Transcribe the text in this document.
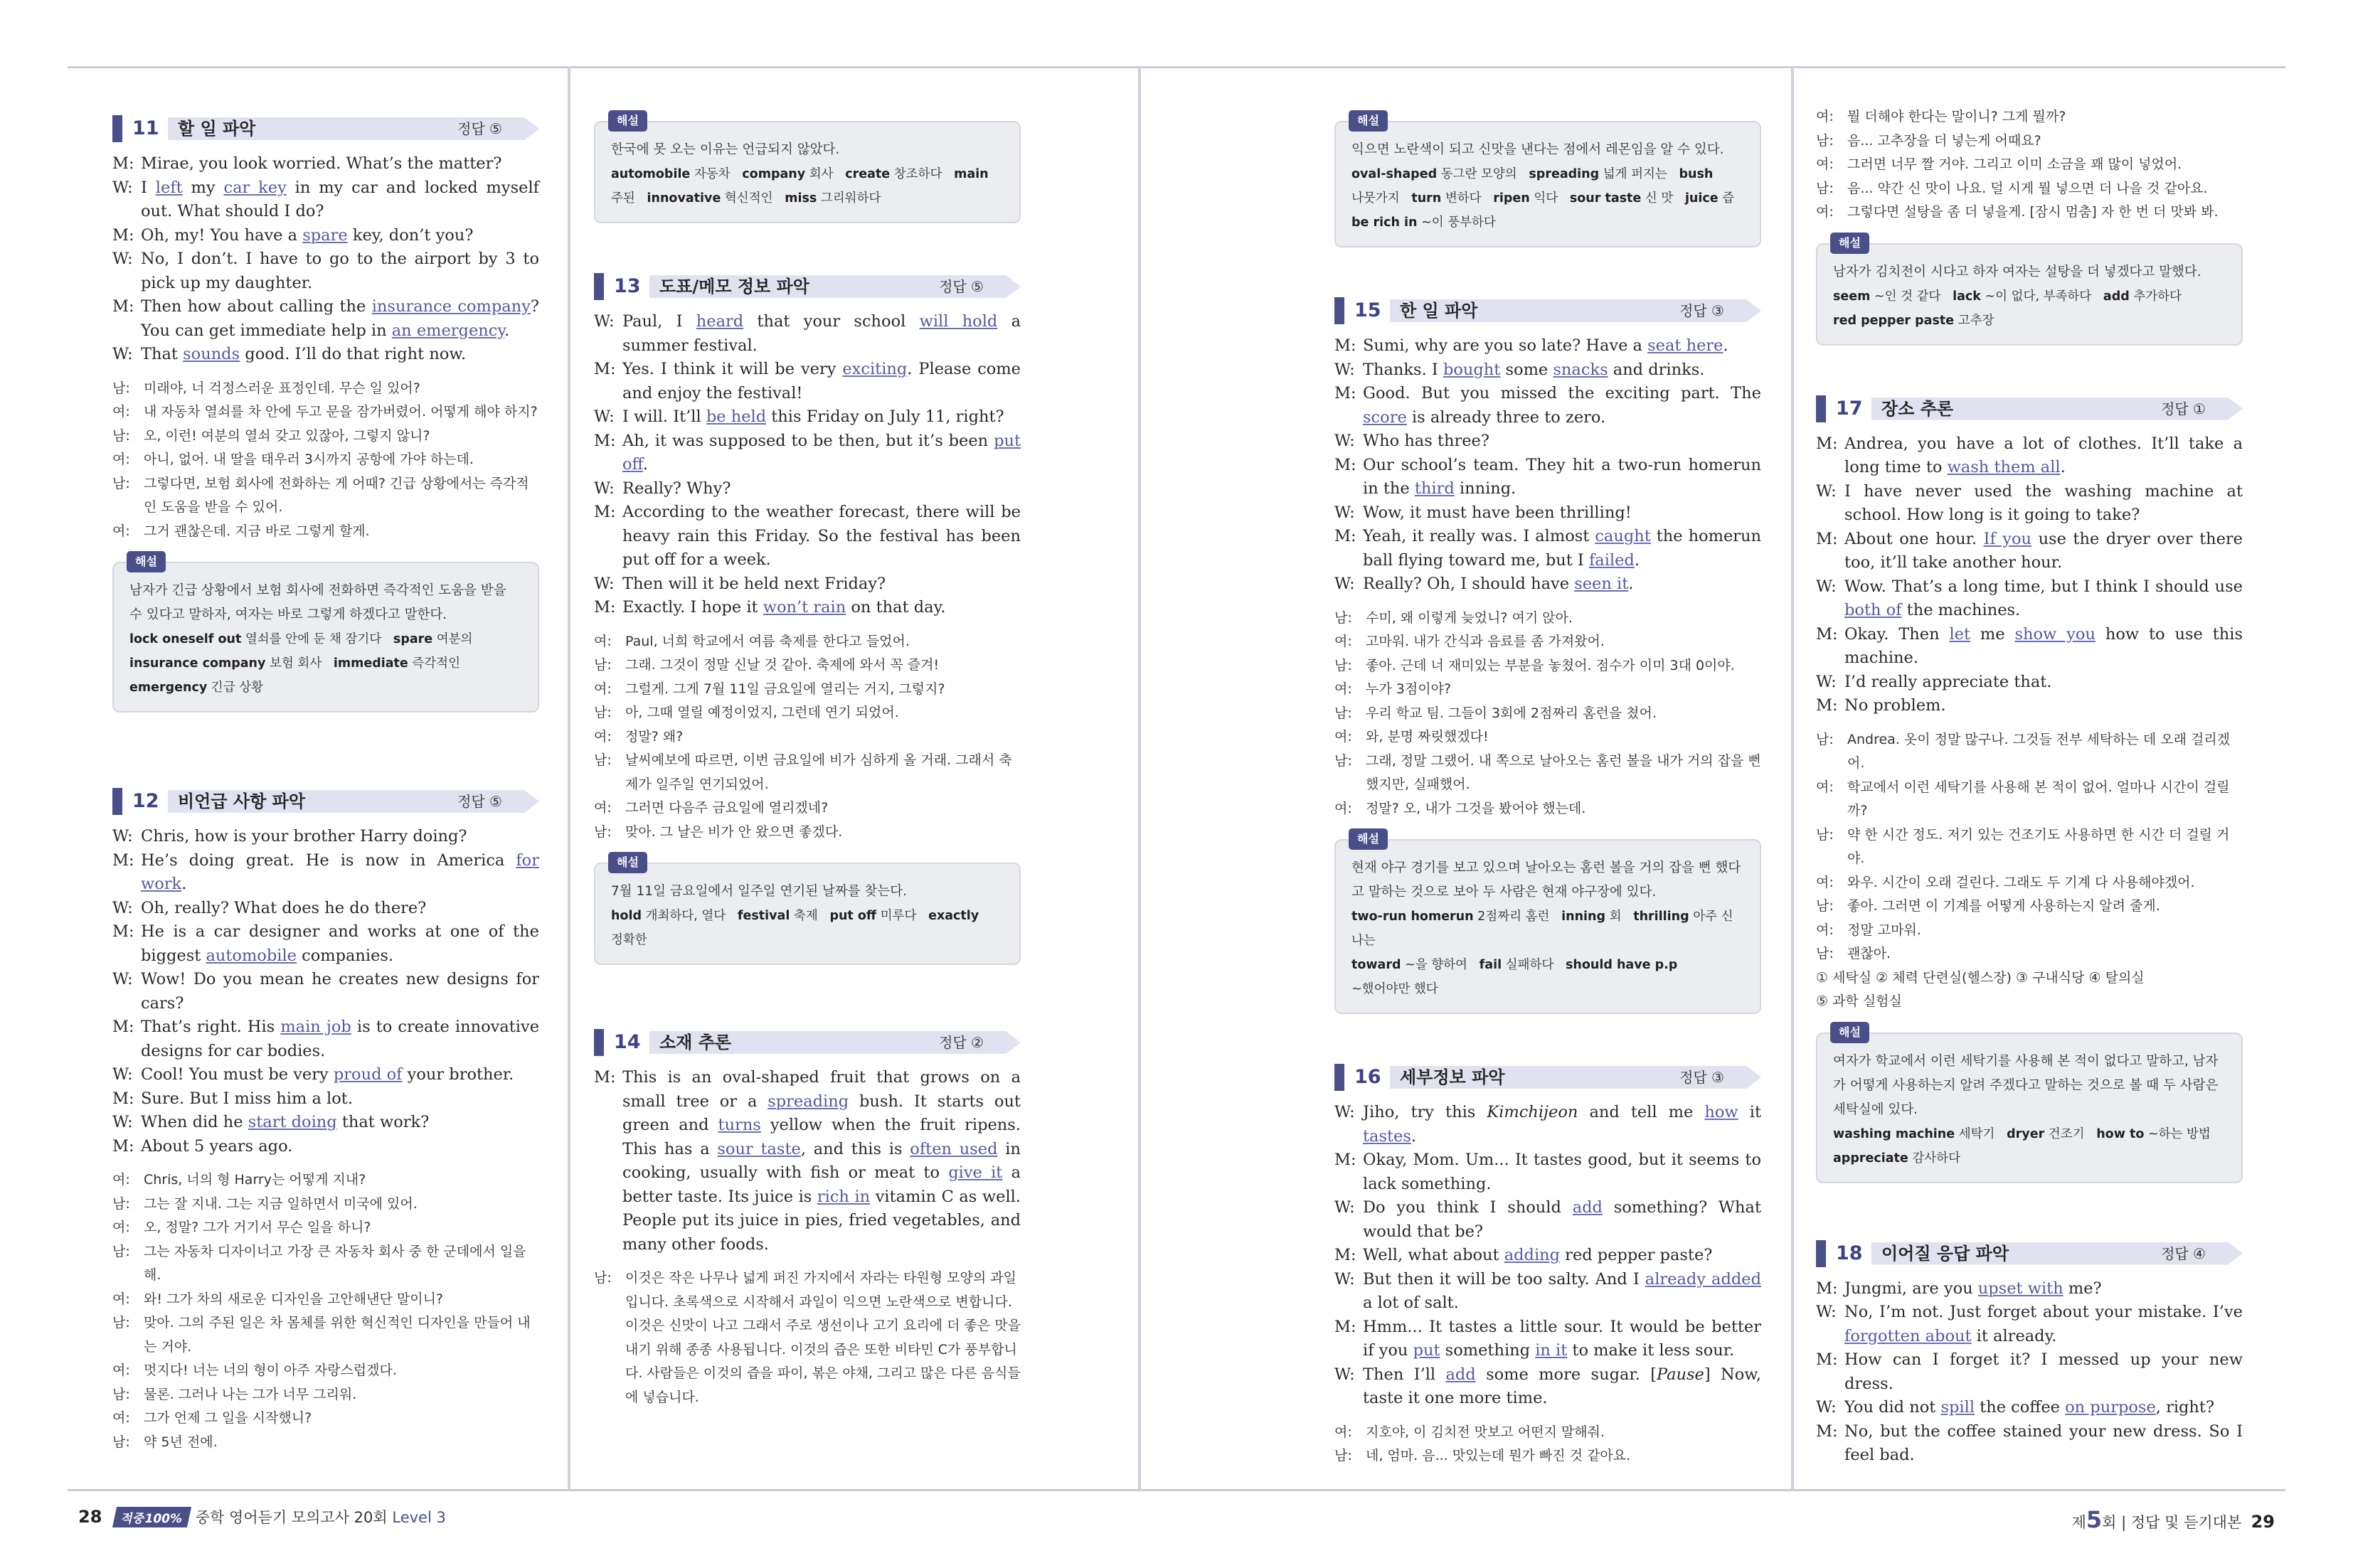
11 할 일 파악	정답 ⑤
M: Mirae, you look worried. What’s the matter?
W: I left my car key in my car and locked myself out. What should I do?
M: Oh, my! You have a spare key, don’t you?
W: No, I don’t. I have to go to the airport by 3 to pick up my daughter.
M: Then how about calling the insurance company? You can get immediate help in an emergency.
W: That sounds good. I’ll do that right now.
남: 미래야, 너 걱정스러운 표정인데. 무슨 일 있어?
여: 내 자동차 열쇠를 차 안에 두고 문을 잠가버렸어. 어떻게 해야 하지?
남: 오, 이런! 여분의 열쇠 갖고 있잖아, 그렇지 않니?
여: 아니, 없어. 내 딸을 태우러 3시까지 공항에 가야 하는데.
남: 그렇다면, 보험 회사에 전화하는 게 어때? 긴급 상황에서는 즉각적인 도움을 받을 수 있어.
여: 그거 괜찮은데. 지금 바로 그렇게 할게.
해설
남자가 긴급 상황에서 보험 회사에 전화하면 즉각적인 도움을 받을 수 있다고 말하자, 여자는 바로 그렇게 하겠다고 말한다.
lock oneself out 열쇠를 안에 둔 채 잠기다 spare 여분의
insurance company 보험 회사 immediate 즉각적인
emergency 긴급 상황
12 비언급 사항 파악	정답 ⑤
W: Chris, how is your brother Harry doing?
M: He’s doing great. He is now in America for work.
W: Oh, really? What does he do there?
M: He is a car designer and works at one of the biggest automobile companies.
W: Wow! Do you mean he creates new designs for cars?
M: That’s right. His main job is to create innovative designs for car bodies.
W: Cool! You must be very proud of your brother.
M: Sure. But I miss him a lot.
W: When did he start doing that work?
M: About 5 years ago.
여: Chris, 너의 형 Harry는 어떻게 지내?
남: 그는 잘 지내. 그는 지금 일하면서 미국에 있어.
여: 오, 정말? 그가 거기서 무슨 일을 하니?
남: 그는 자동차 디자이너고 가장 큰 자동차 회사 중 한 군데에서 일을 해.
여: 와! 그가 차의 새로운 디자인을 고안해낸단 말이니?
남: 맞아. 그의 주된 일은 차 몸체를 위한 혁신적인 디자인을 만들어 내는 거야.
여: 멋지다! 너는 너의 형이 아주 자랑스럽겠다.
남: 물론. 그러나 나는 그가 너무 그리워.
여: 그가 언제 그 일을 시작했니?
남: 약 5년 전에.
해설
한국에 못 오는 이유는 언급되지 않았다.
automobile 자동차 company 회사 create 창조하다 main
주된 innovative 혁신적인 miss 그리워하다
13 도표/메모 정보 파악	정답 ⑤
W: Paul, I heard that your school will hold a summer festival.
M: Yes. I think it will be very exciting. Please come and enjoy the festival!
W: I will. It’ll be held this Friday on July 11, right?
M: Ah, it was supposed to be then, but it’s been put off.
W: Really? Why?
M: According to the weather forecast, there will be heavy rain this Friday. So the festival has been put off for a week.
W: Then will it be held next Friday?
M: Exactly. I hope it won’t rain on that day.
여: Paul, 너희 학교에서 여름 축제를 한다고 들었어.
남: 그래. 그것이 정말 신날 것 같아. 축제에 와서 꼭 즐겨!
여: 그럴게. 그게 7월 11일 금요일에 열리는 거지, 그렇지?
남: 아, 그때 열릴 예정이었지, 그런데 연기 되었어.
여: 정말? 왜?
남: 날씨예보에 따르면, 이번 금요일에 비가 심하게 올 거래. 그래서 축제가 일주일 연기되었어.
여: 그러면 다음주 금요일에 열리겠네?
남: 맞아. 그 날은 비가 안 왔으면 좋겠다.
해설
7월 11일 금요일에서 일주일 연기된 날짜를 찾는다.
hold 개최하다, 열다 festival 축제 put off 미루다 exactly
정확한
14 소재 추론	정답 ②
M: This is an oval-shaped fruit that grows on a small tree or a spreading bush. It starts out green and turns yellow when the fruit ripens. This has a sour taste, and this is often used in cooking, usually with fish or meat to give it a better taste. Its juice is rich in vitamin C as well. People put its juice in pies, fried vegetables, and many other foods.
남: 이것은 작은 나무나 넓게 퍼진 가지에서 자라는 타원형 모양의 과일입니다. 초록색으로 시작해서 과일이 익으면 노란색으로 변합니다. 이것은 신맛이 나고 그래서 주로 생선이나 고기 요리에 더 좋은 맛을 내기 위해 종종 사용됩니다. 이것의 즙은 또한 비타민 C가 풍부합니다. 사람들은 이것의 즙을 파이, 볶은 야채, 그리고 많은 다른 음식들에 넣습니다.
해설
익으면 노란색이 되고 신맛을 낸다는 점에서 레몬임을 알 수 있다.
oval-shaped 동그란 모양의 spreading 넓게 퍼지는 bush
나뭇가지 turn 변하다 ripen 익다 sour taste 신 맛 juice 즙
be rich in ~이 풍부하다
15 한 일 파악	정답 ③
M: Sumi, why are you so late? Have a seat here.
W: Thanks. I bought some snacks and drinks.
M: Good. But you missed the exciting part. The score is already three to zero.
W: Who has three?
M: Our school’s team. They hit a two-run homerun in the third inning.
W: Wow, it must have been thrilling!
M: Yeah, it really was. I almost caught the homerun ball flying toward me, but I failed.
W: Really? Oh, I should have seen it.
남: 수미, 왜 이렇게 늦었니? 여기 앉아.
여: 고마워. 내가 간식과 음료를 좀 가져왔어.
남: 좋아. 근데 너 재미있는 부분을 놓쳤어. 점수가 이미 3대 0이야.
여: 누가 3점이야?
남: 우리 학교 팀. 그들이 3회에 2점짜리 홈런을 쳤어.
여: 와, 분명 짜릿했겠다!
남: 그래, 정말 그랬어. 내 쪽으로 날아오는 홈런 볼을 내가 거의 잡을 뻔 했지만, 실패했어.
여: 정말? 오, 내가 그것을 봤어야 했는데.
해설
현재 야구 경기를 보고 있으며 날아오는 홈런 볼을 거의 잡을 뻔 했다고 말하는 것으로 보아 두 사람은 현재 야구장에 있다.
two-run homerun 2점짜리 홈런 inning 회 thrilling 아주 신나는
toward ~을 향하여 fail 실패하다 should have p.p
~했어야만 했다
16 세부정보 파악	정답 ③
W: Jiho, try this Kimchijeon and tell me how it tastes.
M: Okay, Mom. Um... It tastes good, but it seems to lack something.
W: Do you think I should add something? What would that be?
M: Well, what about adding red pepper paste?
W: But then it will be too salty. And I already added a lot of salt.
M: Hmm... It tastes a little sour. It would be better if you put something in it to make it less sour.
W: Then I’ll add some more sugar. [Pause] Now, taste it one more time.
여: 지호야, 이 김치전 맛보고 어떤지 말해줘.
남: 네, 엄마. 음... 맛있는데 뭔가 빠진 것 같아요.
여: 뭘 더해야 한다는 말이니? 그게 뭘까?
남: 음... 고추장을 더 넣는게 어때요?
여: 그러면 너무 짤 거야. 그리고 이미 소금을 꽤 많이 넣었어.
남: 음... 약간 신 맛이 나요. 덜 시게 뭘 넣으면 더 나을 것 같아요.
여: 그렇다면 설탕을 좀 더 넣을게. [잠시 멈춤] 자 한 번 더 맛봐 봐.
해설
남자가 김치전이 시다고 하자 여자는 설탕을 더 넣겠다고 말했다.
seem ~인 것 같다 lack ~이 없다, 부족하다 add 추가하다
red pepper paste 고추장
17 장소 추론	정답 ①
M: Andrea, you have a lot of clothes. It’ll take a long time to wash them all.
W: I have never used the washing machine at school. How long is it going to take?
M: About one hour. If you use the dryer over there too, it’ll take another hour.
W: Wow. That’s a long time, but I think I should use both of the machines.
M: Okay. Then let me show you how to use this machine.
W: I’d really appreciate that.
M: No problem.
남: Andrea. 옷이 정말 많구나. 그것들 전부 세탁하는 데 오래 걸리겠어.
여: 학교에서 이런 세탁기를 사용해 본 적이 없어. 얼마나 시간이 걸릴까?
남: 약 한 시간 정도. 저기 있는 건조기도 사용하면 한 시간 더 걸릴 거야.
여: 와우. 시간이 오래 걸린다. 그래도 두 기계 다 사용해야겠어.
남: 좋아. 그러면 이 기계를 어떻게 사용하는지 알려 줄게.
여: 정말 고마워.
남: 괜찮아.
① 세탁실 ② 체력 단련실(헬스장) ③ 구내식당 ④ 탈의실
⑤ 과학 실험실
해설
여자가 학교에서 이런 세탁기를 사용해 본 적이 없다고 말하고, 남자가 어떻게 사용하는지 알려 주겠다고 말하는 것으로 볼 때 두 사람은 세탁실에 있다.
washing machine 세탁기 dryer 건조기 how to ~하는 방법
appreciate 감사하다
18 이어질 응답 파악	정답 ④
M: Jungmi, are you upset with me?
W: No, I’m not. Just forget about your mistake. I’ve forgotten about it already.
M: How can I forget it? I messed up your new dress.
W: You did not spill the coffee on purpose, right?
M: No, but the coffee stained your new dress. So I feel bad.
28 적중100% 중학 영어듣기 모의고사 20회 Level 3	제5회 | 정답 및 듣기대본 29
